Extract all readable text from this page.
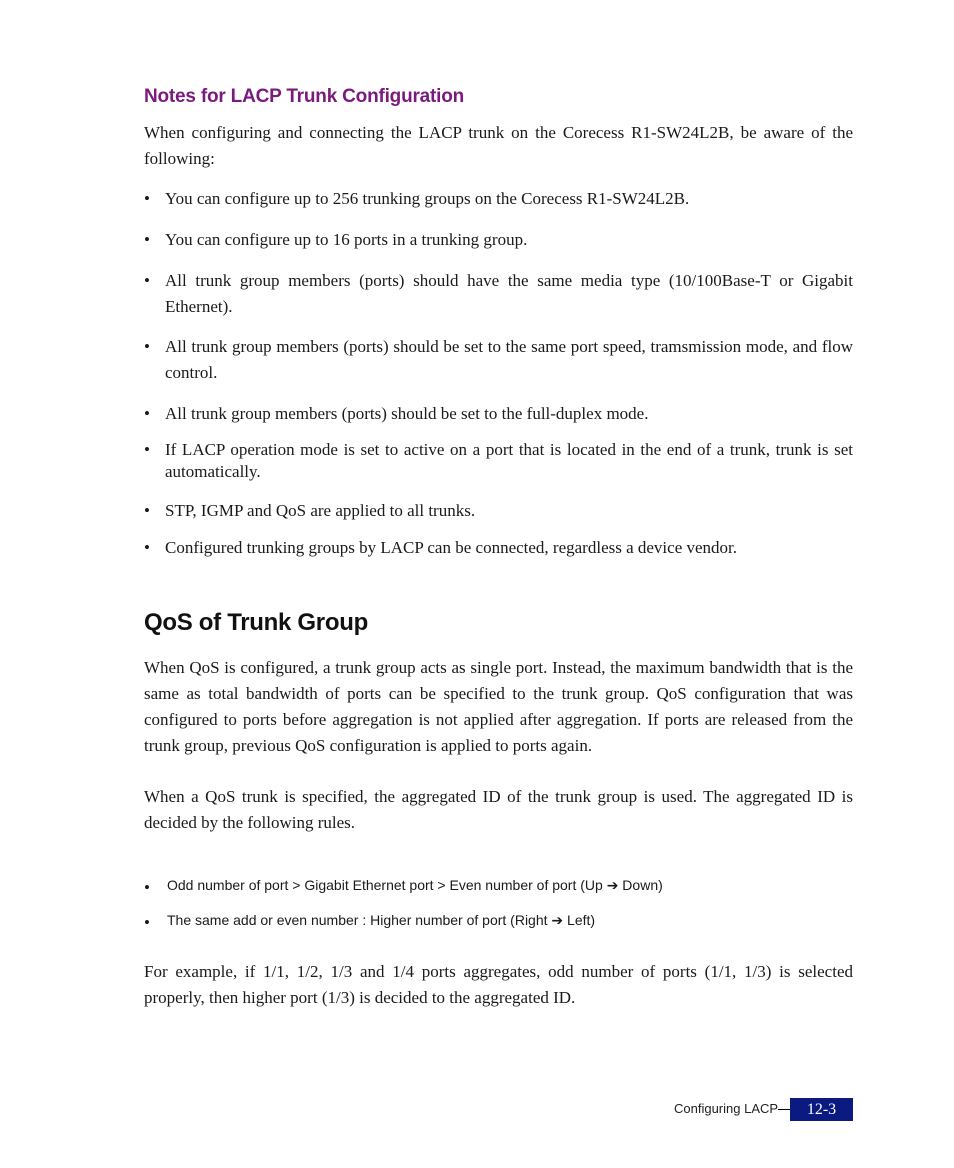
Notes for LACP Trunk Configuration
When configuring and connecting the LACP trunk on the Corecess R1-SW24L2B, be aware of the following:
• You can configure up to 256 trunking groups on the Corecess R1-SW24L2B.
• You can configure up to 16 ports in a trunking group.
• All trunk group members (ports) should have the same media type (10/100Base-T or Gigabit Ethernet).
• All trunk group members (ports) should be set to the same port speed, tramsmission mode, and flow control.
• All trunk group members (ports) should be set to the full-duplex mode.
• If LACP operation mode is set to active on a port that is located in the end of a trunk, trunk is set automatically.
• STP, IGMP and QoS are applied to all trunks.
• Configured trunking groups by LACP can be connected, regardless a device vendor.
QoS of Trunk Group
When QoS is configured, a trunk group acts as single port. Instead, the maximum bandwidth that is the same as total bandwidth of ports can be specified to the trunk group. QoS configuration that was configured to ports before aggregation is not applied after aggregation. If ports are released from the trunk group, previous QoS configuration is applied to ports again.
When a QoS trunk is specified, the aggregated ID of the trunk group is used. The aggregated ID is decided by the following rules.
• Odd number of port > Gigabit Ethernet port > Even number of port (Up ➔ Down)
• The same add or even number : Higher number of port (Right ➔ Left)
For example, if 1/1, 1/2, 1/3 and 1/4 ports aggregates, odd number of ports (1/1, 1/3) is selected properly, then higher port (1/3) is decided to the aggregated ID.
Configuring LACP	12-3
